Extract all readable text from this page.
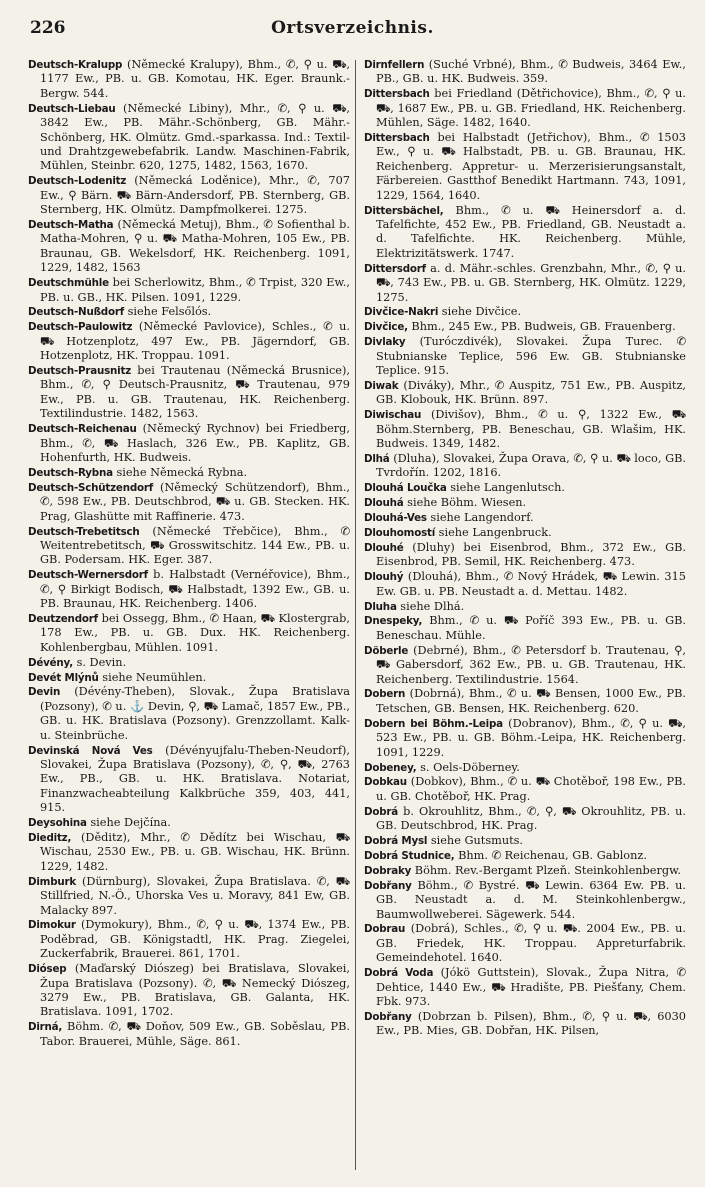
226	Ortsverzeichnis.

Deutsch-Kralupp (Německé Kralupy), Bhm., ✆, ⚲ u. ⛟, 1177 Ew., PB. u. GB. Komotau, HK. Eger. Braunk.-Bergw. 544.

Deutsch-Liebau (Německé Libiny), Mhr., ✆, ⚲ u. ⛟, 3842 Ew., PB. Mähr.-Schönberg, GB. Mähr.-Schönberg, HK. Olmütz. Gmd.-sparkassa. Ind.: Textil- und Drahtzgewebefabrik. Landw. Maschinen-Fabrik, Mühlen, Steinbr. 620, 1275, 1482, 1563, 1670.

Deutsch-Lodenitz (Německá Loděnice), Mhr., ✆, 707 Ew., ⚲ Bärn. ⛟ Bärn-Andersdorf, PB. Sternberg, GB. Sternberg, HK. Olmütz. Dampfmolkerei. 1275.

Deutsch-Matha (Německá Metuj), Bhm., ✆ Sofienthal b. Matha-Mohren, ⚲ u. ⛟ Matha-Mohren, 105 Ew., PB. Braunau, GB. Wekelsdorf, HK. Reichenberg. 1091, 1229, 1482, 1563

Deutschmühle bei Scherlowitz, Bhm., ✆ Trpist, 320 Ew., PB. u. GB., HK. Pilsen. 1091, 1229.

Deutsch-Nußdorf siehe Felsőlós.

Deutsch-Paulowitz (Německé Pavlovice), Schles., ✆ u. ⛟ Hotzenplotz, 497 Ew., PB. Jägerndorf, GB. Hotzenplotz, HK. Troppau. 1091.

Deutsch-Prausnitz bei Trautenau (Německá Brusnice), Bhm., ✆, ⚲ Deutsch-Prausnitz, ⛟ Trautenau, 979 Ew., PB. u. GB. Trautenau, HK. Reichenberg. Textilindustrie. 1482, 1563.

Deutsch-Reichenau (Německý Rychnov) bei Friedberg, Bhm., ✆, ⛟ Haslach, 326 Ew., PB. Kaplitz, GB. Hohenfurth, HK. Budweis.

Deutsch-Rybna siehe Německá Rybna.

Deutsch-Schützendorf (Německý Schützendorf), Bhm., ✆, 598 Ew., PB. Deutschbrod, ⛟ u. GB. Stecken. HK. Prag, Glashütte mit Raffinerie. 473.

Deutsch-Trebetitsch (Německé Třebčice), Bhm., ✆ Weitentrebetitsch, ⛟ Grosswitschitz. 144 Ew., PB. u. GB. Podersam. HK. Eger. 387.

Deutsch-Wernersdorf b. Halbstadt (Vernéřovice), Bhm., ✆, ⚲ Birkigt Bodisch, ⛟ Halbstadt, 1392 Ew., GB. u. PB. Braunau, HK. Reichenberg. 1406.

Deutzendorf bei Ossegg, Bhm., ✆ Haan, ⛟ Klostergrab, 178 Ew., PB. u. GB. Dux. HK. Reichenberg. Kohlenbergbau, Mühlen. 1091.

Dévény, s. Devin.

Devét Mlýnů siehe Neumühlen.

Devin (Dévény-Theben), Slovak., Župa Bratislava (Pozsony), ✆ u. ⚓ Devin, ⚲, ⛟ Lamač, 1857 Ew., PB., GB. u. HK. Bratislava (Pozsony). Grenzzollamt. Kalk- u. Steinbrüche.

Devinská Nová Ves (Dévényujfalu-Theben-Neudorf), Slovakei, Župa Bratislava (Pozsony), ✆, ⚲, ⛟, 2763 Ew., PB., GB. u. HK. Bratislava. Notariat, Finanzwacheabteilung Kalkbrüche 359, 403, 441, 915.

Deysohina siehe Dejčína.

Dieditz, (Děditz), Mhr., ✆ Dědítz bei Wischau, ⛟ Wischau, 2530 Ew., PB. u. GB. Wischau, HK. Brünn. 1229, 1482.

Dimburk (Dürnburg), Slovakei, Župa Bratislava. ✆, ⛟ Stillfried, N.-Ö., Uhorska Ves u. Moravy, 841 Ew, GB. Malacky 897.

Dimokur (Dymokury), Bhm., ✆, ⚲ u. ⛟, 1374 Ew., PB. Poděbrad, GB. Königstadtl, HK. Prag. Ziegelei, Zuckerfabrik, Brauerei. 861, 1701.

Diósep (Maďarský Diószeg) bei Bratislava, Slovakei, Župa Bratislava (Pozsony). ✆, ⛟ Nemecký Diószeg, 3279 Ew., PB. Bratislava, GB. Galanta, HK. Bratislava. 1091, 1702.

Dirná, Böhm. ✆, ⛟ Doňov, 509 Ew., GB. Soběslau, PB. Tabor. Brauerei, Mühle, Säge. 861.

Dirnfellern (Suché Vrbné), Bhm., ✆ Budweis, 3464 Ew., PB., GB. u. HK. Budweis. 359.

Dittersbach bei Friedland (Dětřichovice), Bhm., ✆, ⚲ u. ⛟, 1687 Ew., PB. u. GB. Friedland, HK. Reichenberg. Mühlen, Säge. 1482, 1640.

Dittersbach bei Halbstadt (Jetřichov), Bhm., ✆ 1503 Ew., ⚲ u. ⛟ Halbstadt, PB. u. GB. Braunau, HK. Reichenberg. Appretur- u. Merzerisierungsanstalt, Färbereien. Gastthof Benedikt Hartmann. 743, 1091, 1229, 1564, 1640.

Dittersbächel, Bhm., ✆ u. ⛟ Heinersdorf a. d. Tafelfichte, 452 Ew., PB. Friedland, GB. Neustadt a. d. Tafelfichte. HK. Reichenberg. Mühle, Elektrizitätswerk. 1747.

Dittersdorf a. d. Mähr.-schles. Grenzbahn, Mhr., ✆, ⚲ u. ⛟, 743 Ew., PB. u. GB. Sternberg, HK. Olmütz. 1229, 1275.

Divčice-Nakri siehe Divčice.

Divčice, Bhm., 245 Ew., PB. Budweis, GB. Frauenberg.

Divlaky (Turóczdivék), Slovakei. Župa Turec. ✆ Stubnianske Teplice, 596 Ew. GB. Stubnianske Teplice. 915.

Diwak (Diváky), Mhr., ✆ Auspitz, 751 Ew., PB. Auspitz, GB. Klobouk, HK. Brünn. 897.

Diwischau (Divišov), Bhm., ✆ u. ⚲, 1322 Ew., ⛟ Böhm.Sternberg, PB. Beneschau, GB. Wlašim, HK. Budweis. 1349, 1482.

Dlhá (Dluha), Slovakei, Župa Orava, ✆, ⚲ u. ⛟ loco, GB. Tvrdořín. 1202, 1816.

Dlouhá Loučka siehe Langenlutsch.

Dlouhá siehe Böhm. Wiesen.

Dlouhá-Ves siehe Langendorf.

Dlouhomostí siehe Langenbruck.

Dlouhé (Dluhy) bei Eisenbrod, Bhm., 372 Ew., GB. Eisenbrod, PB. Semil, HK. Reichenberg. 473.

Dlouhý (Dlouhá), Bhm., ✆ Nový Hrádek, ⛟ Lewin. 315 Ew. GB. u. PB. Neustadt a. d. Mettau. 1482.

Dluha siehe Dlhá.

Dnespeky, Bhm., ✆ u. ⛟ Poříč 393 Ew., PB. u. GB. Beneschau. Mühle.

Döberle (Debrné), Bhm., ✆ Petersdorf b. Trautenau, ⚲, ⛟ Gabersdorf, 362 Ew., PB. u. GB. Trautenau, HK. Reichenberg. Textilindustrie. 1564.

Dobern (Dobrná), Bhm., ✆ u. ⛟ Bensen, 1000 Ew., PB. Tetschen, GB. Bensen, HK. Reichenberg. 620.

Dobern bei Böhm.-Leipa (Dobranov), Bhm., ✆, ⚲ u. ⛟, 523 Ew., PB. u. GB. Böhm.-Leipa, HK. Reichenberg. 1091, 1229.

Dobeney, s. Oels-Döberney.

Dobkau (Dobkov), Bhm., ✆ u. ⛟ Chotěboř, 198 Ew., PB. u. GB. Chotěboř, HK. Prag.

Dobrá b. Okrouhlitz, Bhm., ✆, ⚲, ⛟ Okrouhlitz, PB. u. GB. Deutschbrod, HK. Prag.

Dobrá Mysl siehe Gutsmuts.

Dobrá Studnice, Bhm. ✆ Reichenau, GB. Gablonz.

Dobraky Böhm. Rev.-Bergamt Plzeň. Steinkohlenbergw.

Dobřany Böhm., ✆ Bystré. ⛟ Lewin. 6364 Ew. PB. u. GB. Neustadt a. d. M. Steinkohlenbergw., Baumwollweberei. Sägewerk. 544.

Dobrau (Dobrá), Schles., ✆, ⚲ u. ⛟. 2004 Ew., PB. u. GB. Friedek, HK. Troppau. Appreturfabrik. Gemeindehotel. 1640.

Dobrá Voda (Jókö Guttstein), Slovak., Župa Nitra, ✆ Dehtice, 1440 Ew., ⛟ Hradište, PB. Piešťany, Chem. Fbk. 973.

Dobřany (Dobrzan b. Pilsen), Bhm., ✆, ⚲ u. ⛟, 6030 Ew., PB. Mies, GB. Dobřan, HK. Pilsen,
